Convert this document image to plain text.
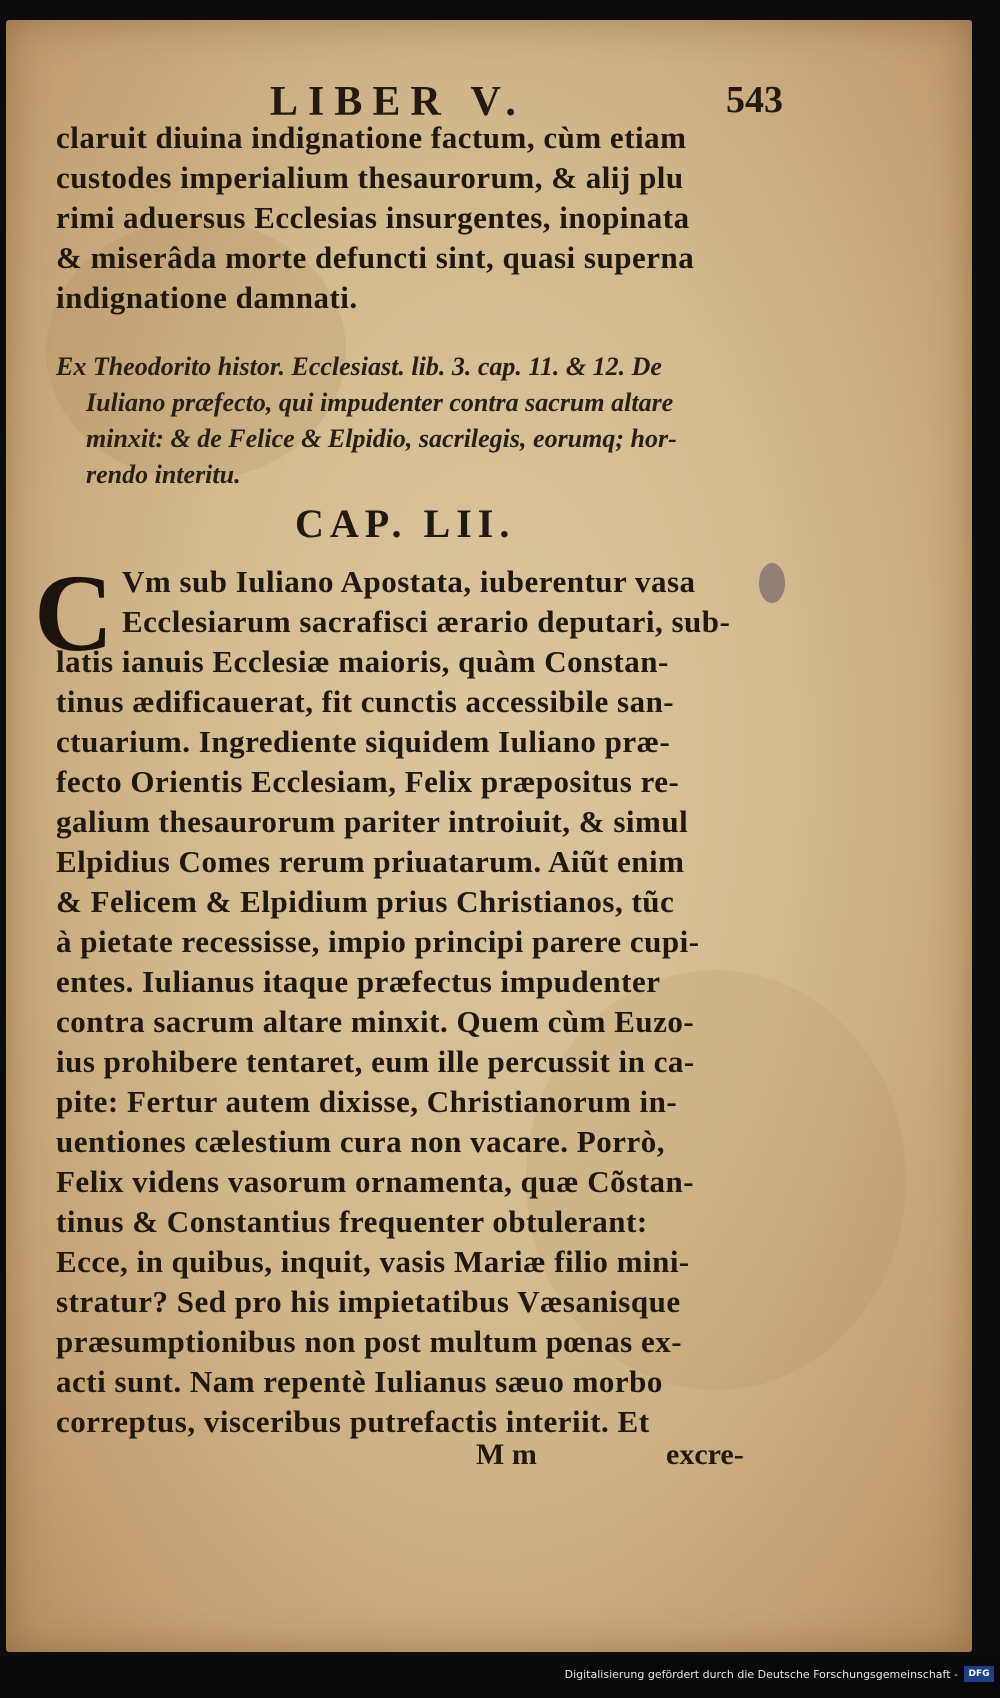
LIBER V.	543
claruit diuina indignatione factum, cùm etiam
custodes imperialium thesaurorum, & alij plu
rimi aduersus Ecclesias insurgentes, inopinata
& miserâda morte defuncti sint, quasi superna
indignatione damnati.
Ex Theodorito histor. Ecclesiast. lib. 3. cap. 11. & 12. De
Iuliano præfecto, qui impudenter contra sacrum altare
minxit: & de Felice & Elpidio, sacrilegis, eorumq; hor-
rendo interitu.
CAP. LII.
C Vm sub Iuliano Apostata, iuberentur vasa
Ecclesiarum sacrafisci ærario deputari, sub-
latis ianuis Ecclesiæ maioris, quàm Constan-
tinus ædificauerat, fit cunctis accessibile san-
ctuarium. Ingrediente siquidem Iuliano præ-
fecto Orientis Ecclesiam, Felix præpositus re-
galium thesaurorum pariter introiuit, & simul
Elpidius Comes rerum priuatarum. Aiũt enim
& Felicem & Elpidium prius Christianos, tũc
à pietate recessisse, impio principi parere cupi-
entes. Iulianus itaque præfectus impudenter
contra sacrum altare minxit. Quem cùm Euzo-
ius prohibere tentaret, eum ille percussit in ca-
pite: Fertur autem dixisse, Christianorum in-
uentiones cælestium cura non vacare. Porrò,
Felix videns vasorum ornamenta, quæ Cõstan-
tinus & Constantius frequenter obtulerant:
Ecce, in quibus, inquit, vasis Mariæ filio mini-
stratur? Sed pro his impietatibus Væsanisque
præsumptionibus non post multum pœnas ex-
acti sunt. Nam repentè Iulianus sæuo morbo
correptus, visceribus putrefactis interiit. Et
M m	excre-
Digitalisierung gefördert durch die Deutsche Forschungsgemeinschaft -	DFG
